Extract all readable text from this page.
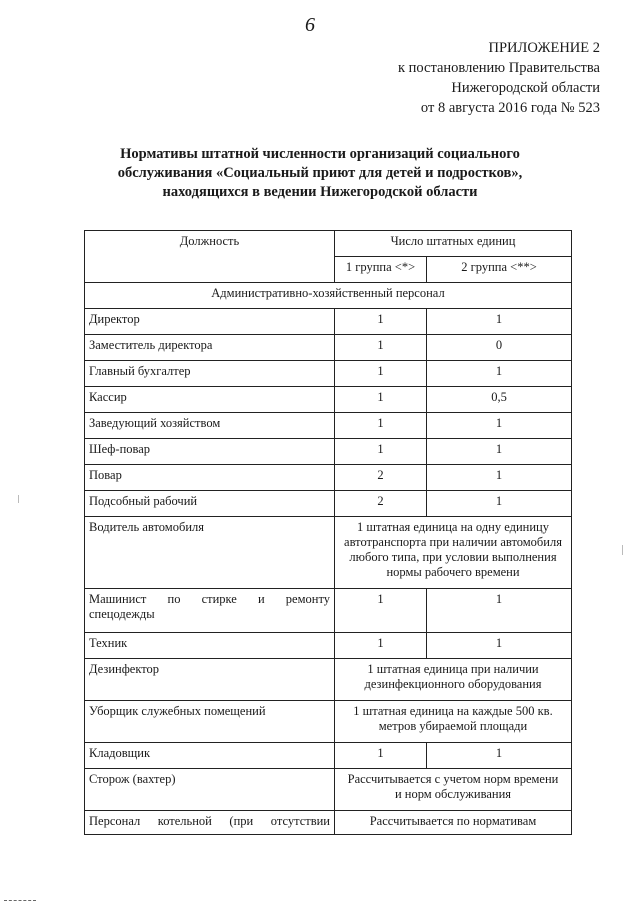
6
ПРИЛОЖЕНИЕ 2
к постановлению Правительства
Нижегородской области
от 8 августа 2016 года № 523
Нормативы штатной численности организаций социального
обслуживания «Социальный приют для детей и подростков»,
находящихся в ведении Нижегородской области
Должность	Число штатных единиц	
	1 группа <*>	2 группа <**>
Административно-хозяйственный персонал		
Директор	1	1
Заместитель директора	1	0
Главный бухгалтер	1	1
Кассир	1	0,5
Заведующий хозяйством	1	1
Шеф-повар	1	1
Повар	2	1
Подсобный рабочий	2	1
Водитель автомобиля	1 штатная единица на одну единицу автотранспорта при наличии автомобиля любого типа, при условии выполнения нормы рабочего времени	

Машинист по стирке и ремонту
спецодежды	1	1
Техник	1	1
Дезинфектор	1 штатная единица при наличии
дезинфекционного оборудования	

Уборщик служебных помещений	1 штатная единица на каждые 500 кв.
метров убираемой площади	

Кладовщик	1	1
Сторож (вахтер)	Рассчитывается с учетом норм времени
и норм обслуживания	

Персонал котельной (при отсутствии	Рассчитывается по нормативам	
